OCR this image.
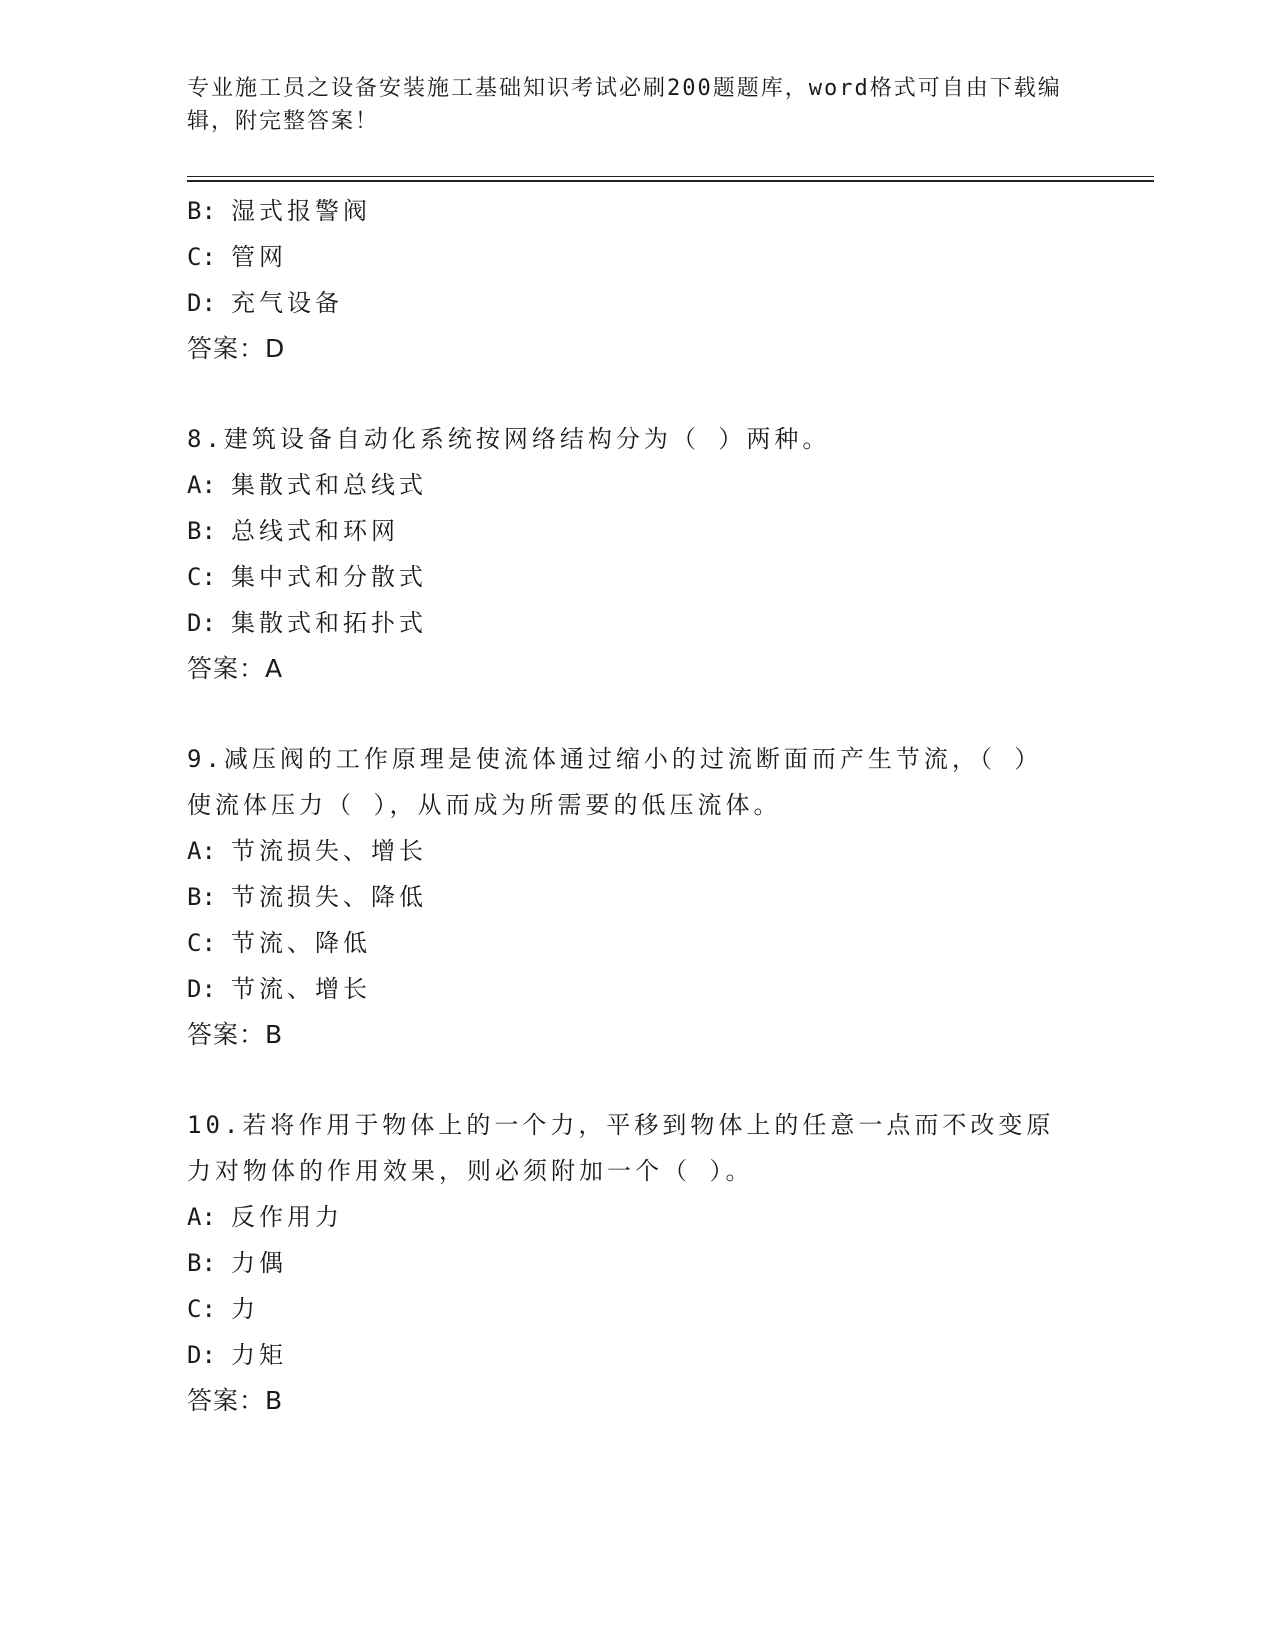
专业施工员之设备安装施工基础知识考试必刷200题题库，word格式可自由下载编辑，附完整答案！
B: 湿式报警阀
C: 管网
D: 充气设备
答案：D
8.建筑设备自动化系统按网络结构分为（ ）两种。
A: 集散式和总线式
B: 总线式和环网
C: 集中式和分散式
D: 集散式和拓扑式
答案：A
9.减压阀的工作原理是使流体通过缩小的过流断面而产生节流，（ ）使流体压力（ ），从而成为所需要的低压流体。
A: 节流损失、增长
B: 节流损失、降低
C: 节流、降低
D: 节流、增长
答案：B
10.若将作用于物体上的一个力，平移到物体上的任意一点而不改变原力对物体的作用效果，则必须附加一个（ ）。
A: 反作用力
B: 力偶
C: 力
D: 力矩
答案：B
